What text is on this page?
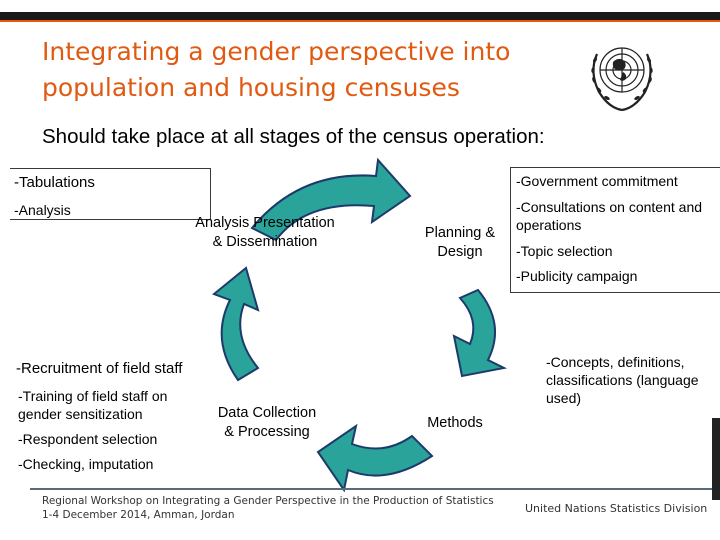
Integrating a gender perspective into
population and housing censuses
Should take place at all stages of the census operation:
-Tabulations
-Analysis
-Government commitment
-Consultations on content and operations
-Topic selection
-Publicity campaign
Analysis Presentation & Dissemination
Planning & Design
Data Collection & Processing
Methods
-Recruitment of field staff
-Training of field staff on gender sensitization
-Respondent selection
-Checking, imputation
-Concepts, definitions, classifications (language used)
Regional Workshop on Integrating a Gender Perspective in the Production of Statistics
1-4 December 2014, Amman, Jordan	United Nations Statistics Division
